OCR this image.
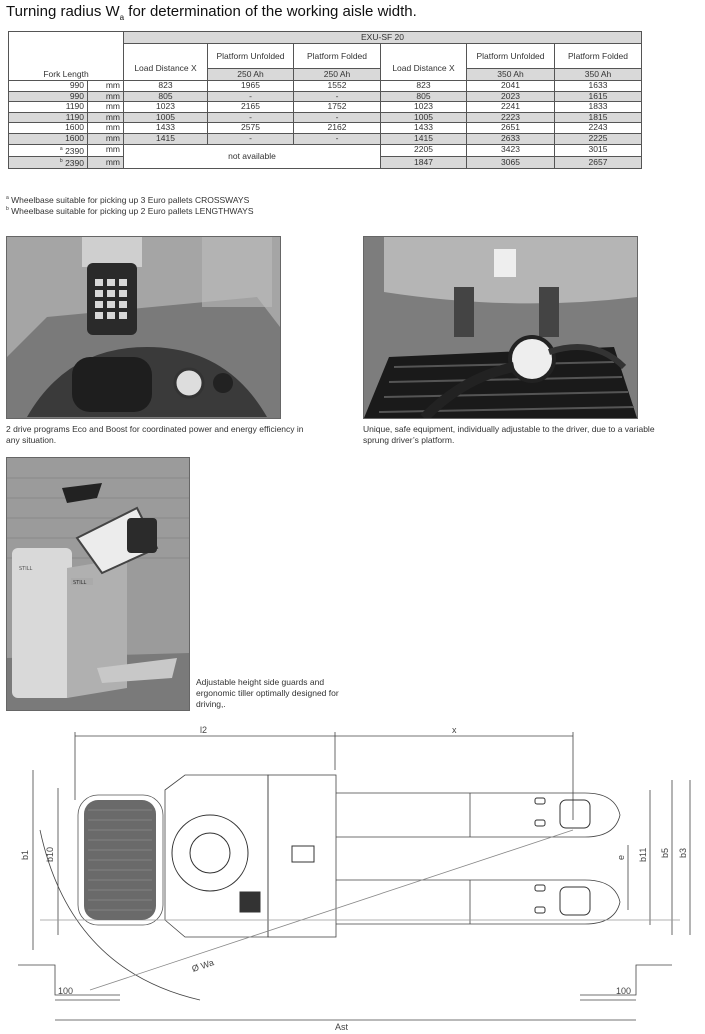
Turning radius $W_a$ for determination of the working aisle width.
Fork Length		EXU-SF 20					
		Load Distance X	Platform Unfolded	Platform Folded	Load Distance X	Platform Unfolded	Platform Folded
			250 Ah	250 Ah		350 Ah	350 Ah
990	mm	823	1965	1552	823	2041	1633
990	mm	805	-	-	805	2023	1615
1190	mm	1023	2165	1752	1023	2241	1833
1190	mm	1005	-	-	1005	2223	1815
1600	mm	1433	2575	2162	1433	2651	2243
1600	mm	1415	-	-	1415	2633	2225
$^a$ 2390	mm	not available			2205	3423	3015
$^b$ 2390	mm				1847	3065	2657
$^a$ Wheelbase suitable for picking up 3 Euro pallets CROSSWAYS
$^b$ Wheelbase suitable for picking up 2 Euro pallets LENGTHWAYS
2 drive programs Eco and Boost for coordinated power and energy efficiency in any situation.
Unique, safe equipment, individually adjustable to the driver, due to a variable sprung driver’s platform.
STILL
STILL
Adjustable height side guards and ergonomic tiller optimally designed for driving,.
l2	x
b1 b10	e b11 b5 b3
Ø Wa
100	100
Ast
